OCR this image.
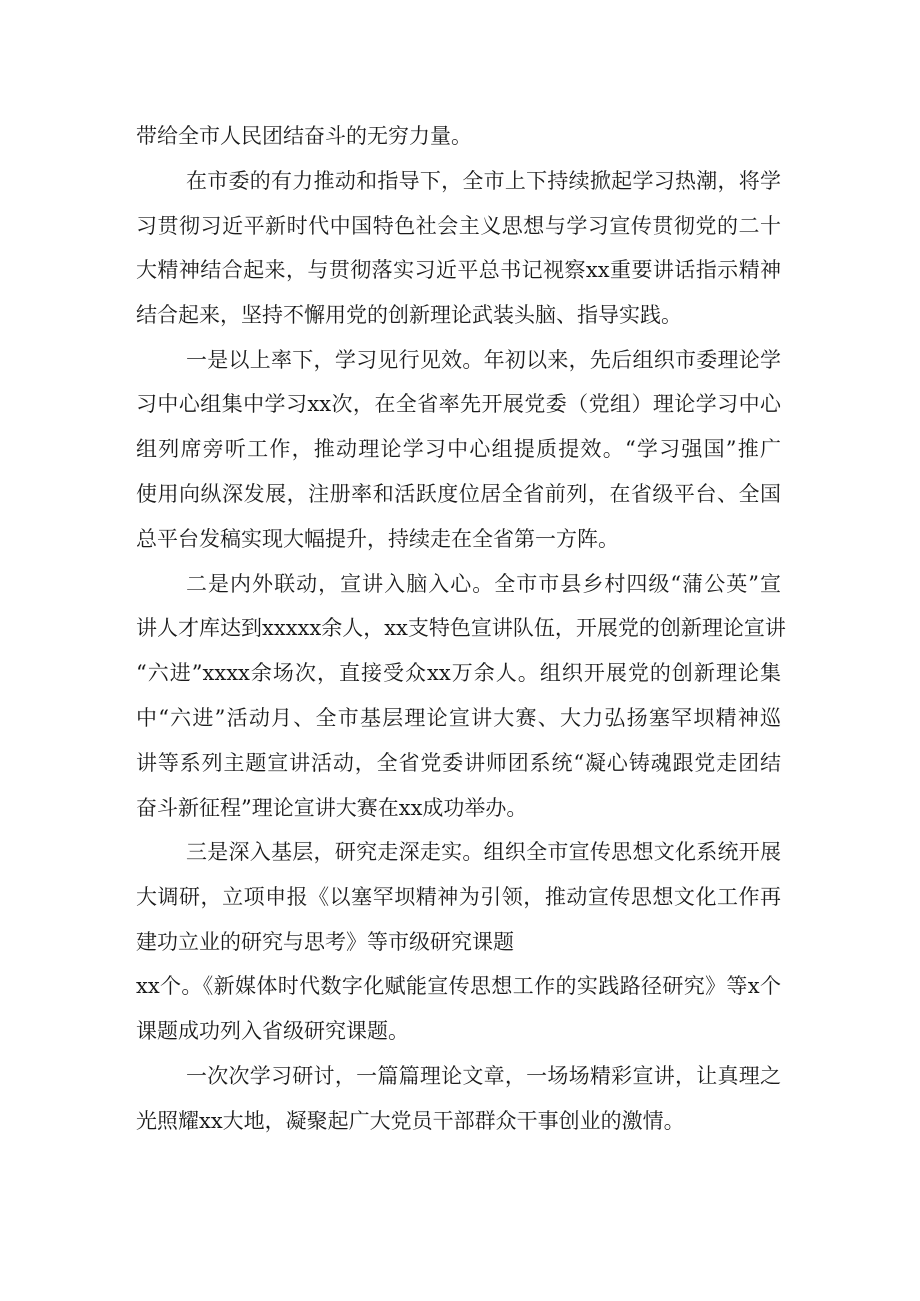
带给全市人民团结奋斗的无穷力量。
在市委的有力推动和指导下，全市上下持续掀起学习热潮，将学
习贯彻习近平新时代中国特色社会主义思想与学习宣传贯彻党的二十
大精神结合起来，与贯彻落实习近平总书记视察xx重要讲话指示精神
结合起来，坚持不懈用党的创新理论武装头脑、指导实践。
一是以上率下，学习见行见效。年初以来，先后组织市委理论学
习中心组集中学习xx次，在全省率先开展党委（党组）理论学习中心
组列席旁听工作，推动理论学习中心组提质提效。“学习强国”推广
使用向纵深发展，注册率和活跃度位居全省前列，在省级平台、全国
总平台发稿实现大幅提升，持续走在全省第一方阵。
二是内外联动，宣讲入脑入心。全市市县乡村四级“蒲公英”宣
讲人才库达到xxxxx余人，xx支特色宣讲队伍，开展党的创新理论宣讲
“六进”xxxx余场次，直接受众xx万余人。组织开展党的创新理论集
中“六进”活动月、全市基层理论宣讲大赛、大力弘扬塞罕坝精神巡
讲等系列主题宣讲活动，全省党委讲师团系统“凝心铸魂跟党走团结
奋斗新征程”理论宣讲大赛在xx成功举办。
三是深入基层，研究走深走实。组织全市宣传思想文化系统开展
大调研，立项申报《以塞罕坝精神为引领，推动宣传思想文化工作再
建功立业的研究与思考》等市级研究课题
xx个。《新媒体时代数字化赋能宣传思想工作的实践路径研究》等x个
课题成功列入省级研究课题。
一次次学习研讨，一篇篇理论文章，一场场精彩宣讲，让真理之
光照耀xx大地，凝聚起广大党员干部群众干事创业的激情。
